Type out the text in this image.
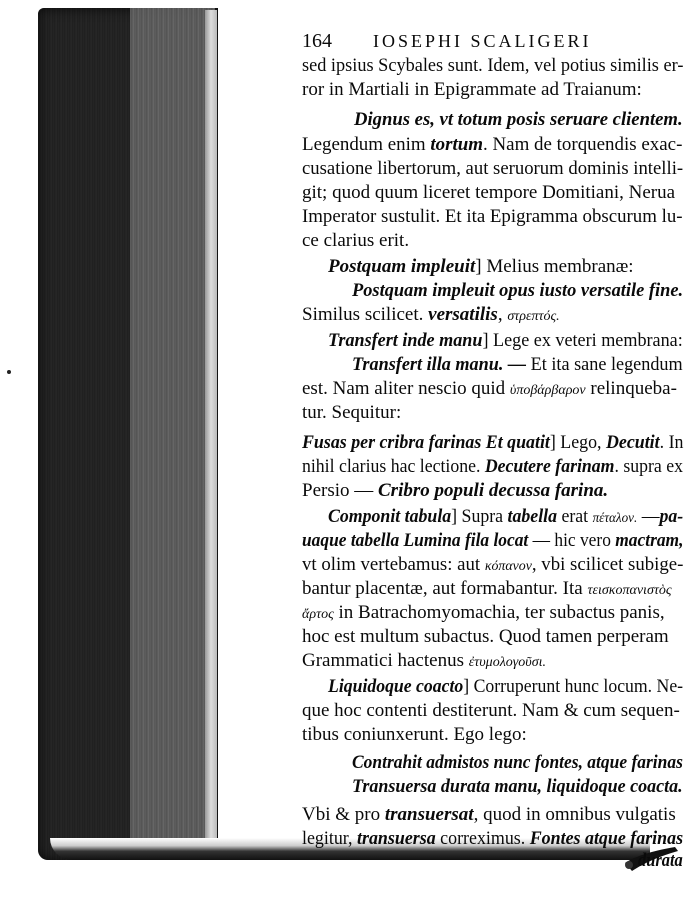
164 IOSEPHI SCALIGERI
sed ipsius Scybales sunt. Idem, vel potius similis er-
ror in Martiali in Epigrammate ad Traianum:
Dignus es, vt totum posis seruare clientem.
Legendum enim tortum. Nam de torquendis exac-
cusatione libertorum, aut seruorum dominis intelli-
git; quod quum liceret tempore Domitiani, Nerua
Imperator sustulit. Et ita Epigramma obscurum lu-
ce clarius erit.
Postquam impleuit] Melius membranæ:
Postquam impleuit opus iusto versatile fine.
Similus scilicet. versatilis, στρεπτός.
Transfert inde manu] Lege ex veteri membrana:
Transfert illa manu. — Et ita sane legendum
est. Nam aliter nescio quid ὑποβάρβαρον relinqueba-
tur. Sequitur:
Fusas per cribra farinas Et quatit] Lego, Decutit. In
nihil clarius hac lectione. Decutere farinam. supra ex
Persio — Cribro populi decussa farina.
Componit tabula] Supra tabella erat πέταλον. —pa-
uaque tabella Lumina fila locat — hic vero mactram,
vt olim vertebamus: aut κόπανον, vbi scilicet subige-
bantur placentæ, aut formabantur. Ita τεισκοπανιστὸς
ἄρτος in Batrachomyomachia, ter subactus panis,
hoc est multum subactus. Quod tamen perperam
Grammatici hactenus ἐτυμολογοῦσι.
Liquidoque coacto] Corruperunt hunc locum. Ne-
que hoc contenti destiterunt. Nam & cum sequen-
tibus coniunxerunt. Ego lego:
Contrahit admistos nunc fontes, atque farinas
Transuersa durata manu, liquidoque coacta.
Vbi & pro transuersat, quod in omnibus vulgatis
legitur, transuersa correximus. Fontes atque farinas
durata
